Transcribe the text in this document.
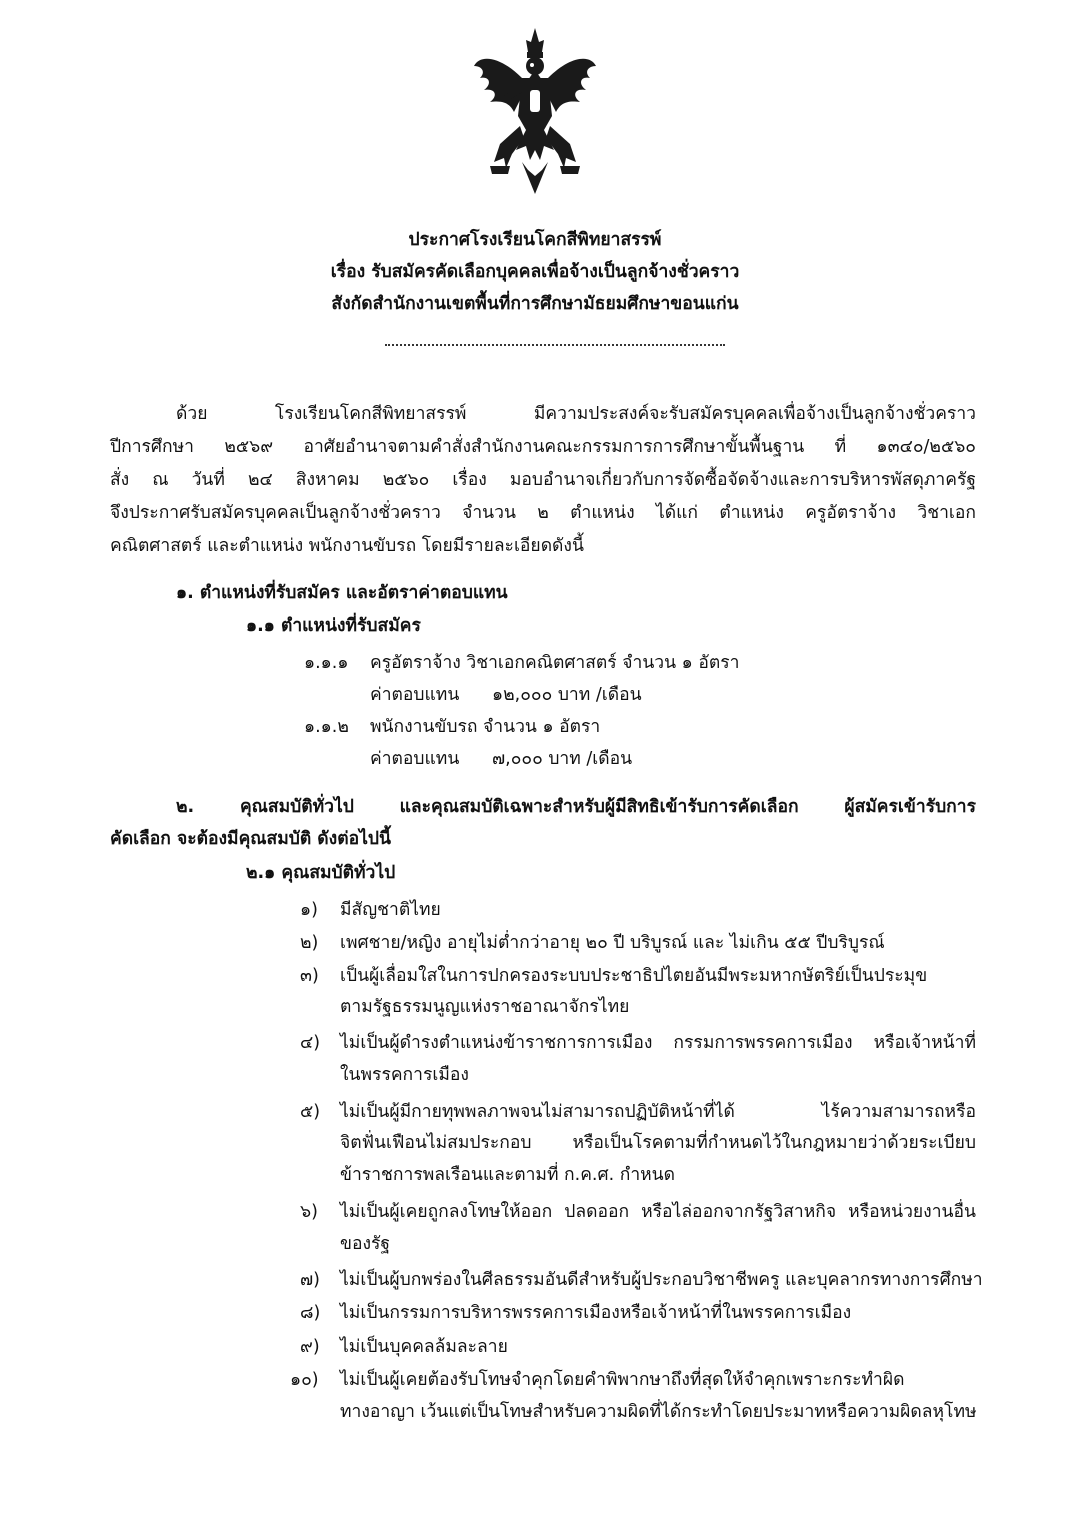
ประกาศโรงเรียนโคกสีพิทยาสรรพ์
เรื่อง รับสมัครคัดเลือกบุคคลเพื่อจ้างเป็นลูกจ้างชั่วคราว
สังกัดสำนักงานเขตพื้นที่การศึกษามัธยมศึกษาขอนแก่น
ด้วย โรงเรียนโคกสีพิทยาสรรพ์ มีความประสงค์จะรับสมัครบุคคลเพื่อจ้างเป็นลูกจ้างชั่วคราว
ปีการศึกษา ๒๕๖๙ อาศัยอำนาจตามคำสั่งสำนักงานคณะกรรมการการศึกษาขั้นพื้นฐาน ที่ ๑๓๔๐/๒๕๖๐
สั่ง ณ วันที่ ๒๔ สิงหาคม ๒๕๖๐ เรื่อง มอบอำนาจเกี่ยวกับการจัดซื้อจัดจ้างและการบริหารพัสดุภาครัฐ
จึงประกาศรับสมัครบุคคลเป็นลูกจ้างชั่วคราว จำนวน ๒ ตำแหน่ง ได้แก่ ตำแหน่ง ครูอัตราจ้าง วิชาเอก
คณิตศาสตร์ และตำแหน่ง พนักงานขับรถ โดยมีรายละเอียดดังนี้
๑. ตำแหน่งที่รับสมัคร และอัตราค่าตอบแทน
๑.๑ ตำแหน่งที่รับสมัคร
๑.๑.๑ ครูอัตราจ้าง วิชาเอกคณิตศาสตร์ จำนวน ๑ อัตรา
ค่าตอบแทน ๑๒,๐๐๐ บาท /เดือน
๑.๑.๒ พนักงานขับรถ จำนวน ๑ อัตรา
ค่าตอบแทน ๗,๐๐๐ บาท /เดือน
๒. คุณสมบัติทั่วไป และคุณสมบัติเฉพาะสำหรับผู้มีสิทธิเข้ารับการคัดเลือก ผู้สมัครเข้ารับการ
คัดเลือก จะต้องมีคุณสมบัติ ดังต่อไปนี้
๒.๑ คุณสมบัติทั่วไป
๑) มีสัญชาติไทย
๒) เพศชาย/หญิง อายุไม่ต่ำกว่าอายุ ๒๐ ปี บริบูรณ์ และ ไม่เกิน ๕๕ ปีบริบูรณ์
๓) เป็นผู้เลื่อมใสในการปกครองระบบประชาธิปไตยอันมีพระมหากษัตริย์เป็นประมุข
ตามรัฐธรรมนูญแห่งราชอาณาจักรไทย
๔) ไม่เป็นผู้ดำรงตำแหน่งข้าราชการการเมือง กรรมการพรรคการเมือง หรือเจ้าหน้าที่
ในพรรคการเมือง
๕) ไม่เป็นผู้มีกายทุพพลภาพจนไม่สามารถปฏิบัติหน้าที่ได้ ไร้ความสามารถหรือ
จิตฟั่นเฟือนไม่สมประกอบ หรือเป็นโรคตามที่กำหนดไว้ในกฎหมายว่าด้วยระเบียบ
ข้าราชการพลเรือนและตามที่ ก.ค.ศ. กำหนด
๖) ไม่เป็นผู้เคยถูกลงโทษให้ออก ปลดออก หรือไล่ออกจากรัฐวิสาหกิจ หรือหน่วยงานอื่น
ของรัฐ
๗) ไม่เป็นผู้บกพร่องในศีลธรรมอันดีสำหรับผู้ประกอบวิชาชีพครู และบุคลากรทางการศึกษา
๘) ไม่เป็นกรรมการบริหารพรรคการเมืองหรือเจ้าหน้าที่ในพรรคการเมือง
๙) ไม่เป็นบุคคลล้มละลาย
๑๐) ไม่เป็นผู้เคยต้องรับโทษจำคุกโดยคำพิพากษาถึงที่สุดให้จำคุกเพราะกระทำผิด
ทางอาญา เว้นแต่เป็นโทษสำหรับความผิดที่ได้กระทำโดยประมาทหรือความผิดลหุโทษ
